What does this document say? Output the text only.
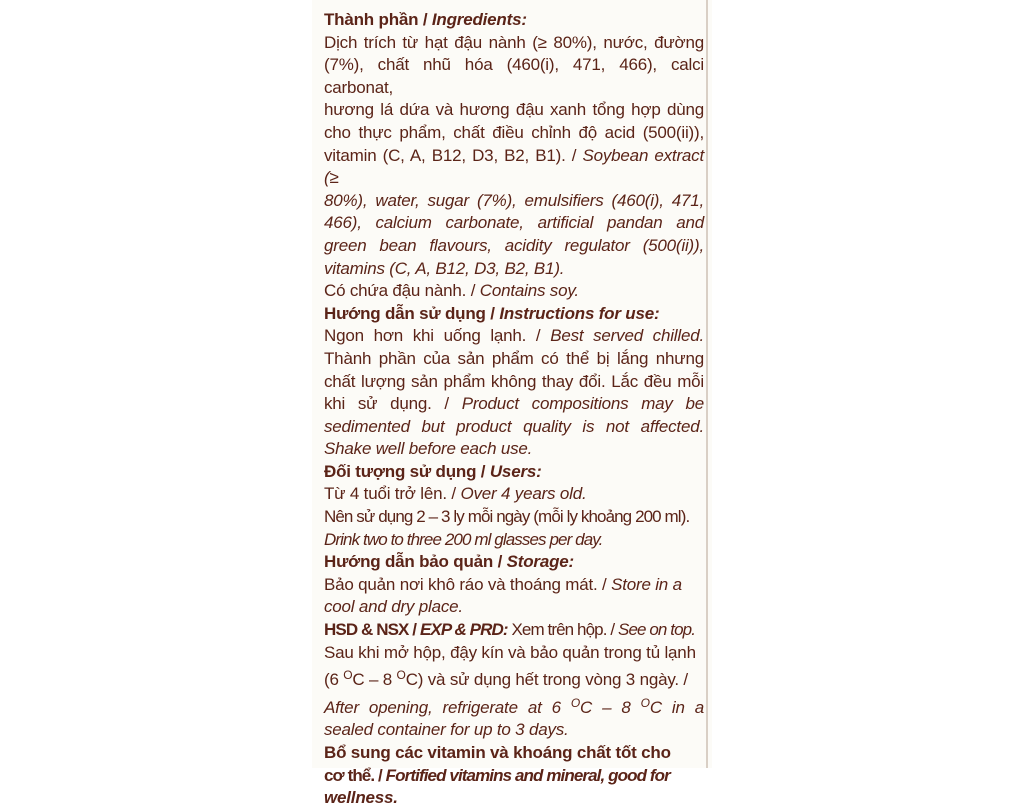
Thành phần / Ingredients:
Dịch trích từ hạt đậu nành (≥ 80%), nước, đường
(7%), chất nhũ hóa (460(i), 471, 466), calci carbonat,
hương lá dứa và hương đậu xanh tổng hợp dùng
cho thực phẩm, chất điều chỉnh độ acid (500(ii)),
vitamin (C, A, B12, D3, B2, B1). / Soybean extract (≥
80%), water, sugar (7%), emulsifiers (460(i), 471,
466), calcium carbonate, artificial pandan and
green bean flavours, acidity regulator (500(ii)),
vitamins (C, A, B12, D3, B2, B1).
Có chứa đậu nành. / Contains soy.
Hướng dẫn sử dụng / Instructions for use:
Ngon hơn khi uống lạnh. / Best served chilled.
Thành phần của sản phẩm có thể bị lắng nhưng
chất lượng sản phẩm không thay đổi. Lắc đều mỗi
khi sử dụng. / Product compositions may be
sedimented but product quality is not affected.
Shake well before each use.
Đối tượng sử dụng / Users:
Từ 4 tuổi trở lên. / Over 4 years old.
Nên sử dụng 2 – 3 ly mỗi ngày (mỗi ly khoảng 200 ml).
Drink two to three 200 ml glasses per day.
Hướng dẫn bảo quản / Storage:
Bảo quản nơi khô ráo và thoáng mát. / Store in a
cool and dry place.
HSD & NSX / EXP & PRD: Xem trên hộp. / See on top.
Sau khi mở hộp, đậy kín và bảo quản trong tủ lạnh
(6 $^O$C – 8 $^O$C) và sử dụng hết trong vòng 3 ngày. /
After opening, refrigerate at 6 $^O$C – 8 $^O$C in a
sealed container for up to 3 days.
Bổ sung các vitamin và khoáng chất tốt cho
cơ thể. / Fortified vitamins and mineral, good for
wellness.
